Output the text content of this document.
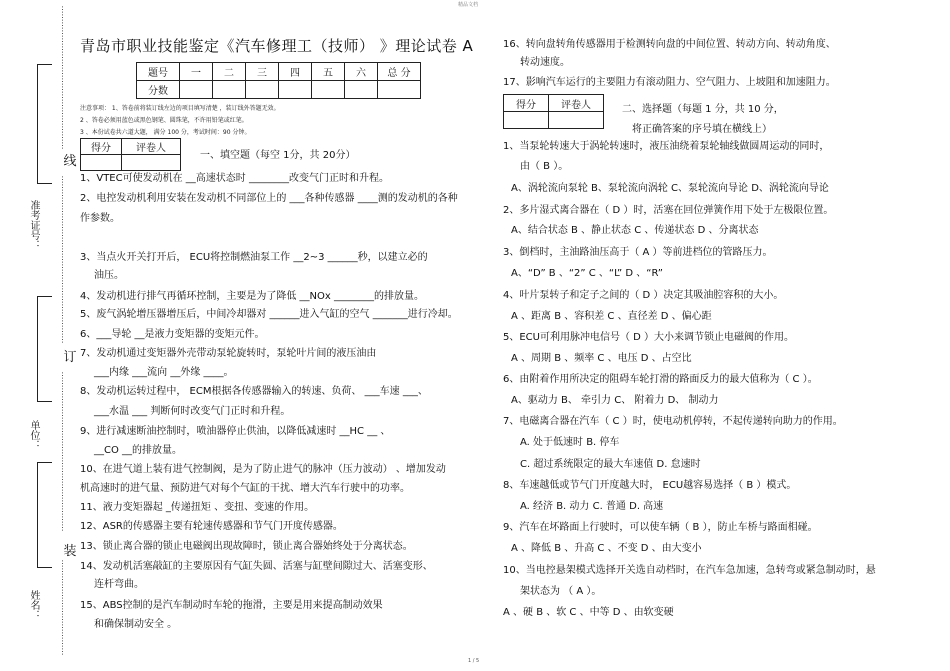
精品文档
⋮
⋮
⋮
⋮
⋮
⋮
⋮
⋮
⋮
⋮
⋮
⋮
⋮
⋮
⋮
⋮
⋮
⋮
⋮
⋮
⋮
⋮
⋮
⋮
⋮
⋮
⋮
⋮
⋮
⋮
⋮
⋮
⋮
⋮
⋮
⋮
⋮
⋮
⋮
⋮
⋮
⋮
⋮
⋮
⋮
⋮
⋮
⋮
⋮
⋮
⋮
⋮
⋮
⋮
⋮
⋮
⋮
⋮
⋮
⋮
⋮
⋮
⋮
⋮
⋮
⋮
⋮
⋮
⋮
⋮
⋮
线
订
装
准考证号：
单位：
姓名：
青岛市职业技能鉴定《汽车修理工（技师） 》理论试卷 A
题号	一	二	三	四	五	六	总 分
分数							
注意事项： 1、答卷前将装订线左边的项目填写清楚 ，装订线外答题无效。
2 、答卷必须用蓝色或黑色钢笔、圆珠笔，不许用铅笔或红笔。
3 、本份试卷共六道大题， 满分 100 分，考试时间：90 分钟。
得分	评卷人

一、填空题（每空 1分，共 20分）
1、VTEC可使发动机在 __高速状态时 ________改变气门正时和升程。
2、电控发动机利用安装在发动机不同部位上的 ___各种传感器 ____测的发动机的各种
作参数。
3、当点火开关打开后， ECU将控制燃油泵工作 __2~3 ______秒，以建立必的
油压。
4、发动机进行排气再循环控制，主要是为了降低 __NOx ________的排放量。
5、废气涡轮增压器增压后，中间冷却器对 ______进入气缸的空气 _______进行冷却。
6、___导轮 __是液力变矩器的变矩元件。
7、发动机通过变矩器外壳带动泵轮旋转时，泵轮叶片间的液压油由
___内缘 ___流向 __外缘 ____。
8、发动机运转过程中， ECM根据各传感器输入的转速、负荷、 ___车速 ___、
___水温 ___ 判断何时改变气门正时和升程。
9、进行减速断油控制时，喷油器停止供油，以降低减速时 __HC __ 、
__CO __的排放量。
10、在进气道上装有进气控制阀，是为了防止进气的脉冲（压力波动） 、增加发动
机高速时的进气量、预防进气对每个气缸的干扰、增大汽车行驶中的功率。
11、液力变矩器起 _传递扭矩 、变扭、变速的作用。
12、ASR的传感器主要有轮速传感器和节气门开度传感器。
13、锁止离合器的锁止电磁阀出现故障时，锁止离合器始终处于分离状态。
14、发动机活塞敲缸的主要原因有气缸失圆、活塞与缸壁间隙过大、活塞变形、
连杆弯曲。
15、ABS控制的是汽车制动时车轮的拖滑，主要是用来提高制动效果
和确保制动安全 。
16、转向盘转角传感器用于检测转向盘的中间位置、转动方向、转动角度、
转动速度。
17、影响汽车运行的主要阻力有滚动阻力、空气阻力、上坡阻和加速阻力。
得分	评卷人
		二、选择题（每题 1 分，共 10 分，
将正确答案的序号填在横线上）
1、当泵轮转速大于涡轮转速时，液压油绕着泵轮轴线做圆周运动的同时，
由（ B ）。
A、涡轮流向泵轮 B、泵轮流向涡轮 C、泵轮流向导论 D、涡轮流向导论
2、多片湿式离合器在（ D ）时，活塞在回位弹簧作用下处于左极限位置。
A、结合状态 B 、静止状态 C 、传递状态 D 、分离状态
3、倒档时，主油路油压高于（ A ）等前进档位的管路压力。
A、“D” B 、“2” C 、“L” D 、“R”
4、叶片泵转子和定子之间的（ D ）决定其吸油腔容积的大小。
A 、距离 B 、容积差 C 、直径差 D 、偏心距
5、ECU可利用脉冲电信号（ D ）大小来调节锁止电磁阀的作用。
A 、周期 B 、频率 C 、电压 D 、占空比
6、由附着作用所决定的阻碍车轮打滑的路面反力的最大值称为（ C ）。
A、驱动力 B、 牵引力 C、 附着力 D、 制动力
7、电磁离合器在汽车（ C ）时，使电动机停转，不起传递转向助力的作用。
A. 处于低速时 B. 停车
C. 超过系统限定的最大车速值 D. 怠速时
8、车速越低或节气门开度越大时， ECU越容易选择（ B ）模式。
A. 经济 B. 动力 C. 普通 D. 高速
9、汽车在坏路面上行驶时，可以使车辆（ B ），防止车桥与路面相碰。
A 、降低 B 、升高 C 、不变 D 、由大变小
10、当电控悬架模式选择开关选自动档时，在汽车急加速，急转弯或紧急制动时，悬
架状态为 （ A ）。
A 、硬 B 、软 C 、中等 D 、由软变硬
1 / 5
